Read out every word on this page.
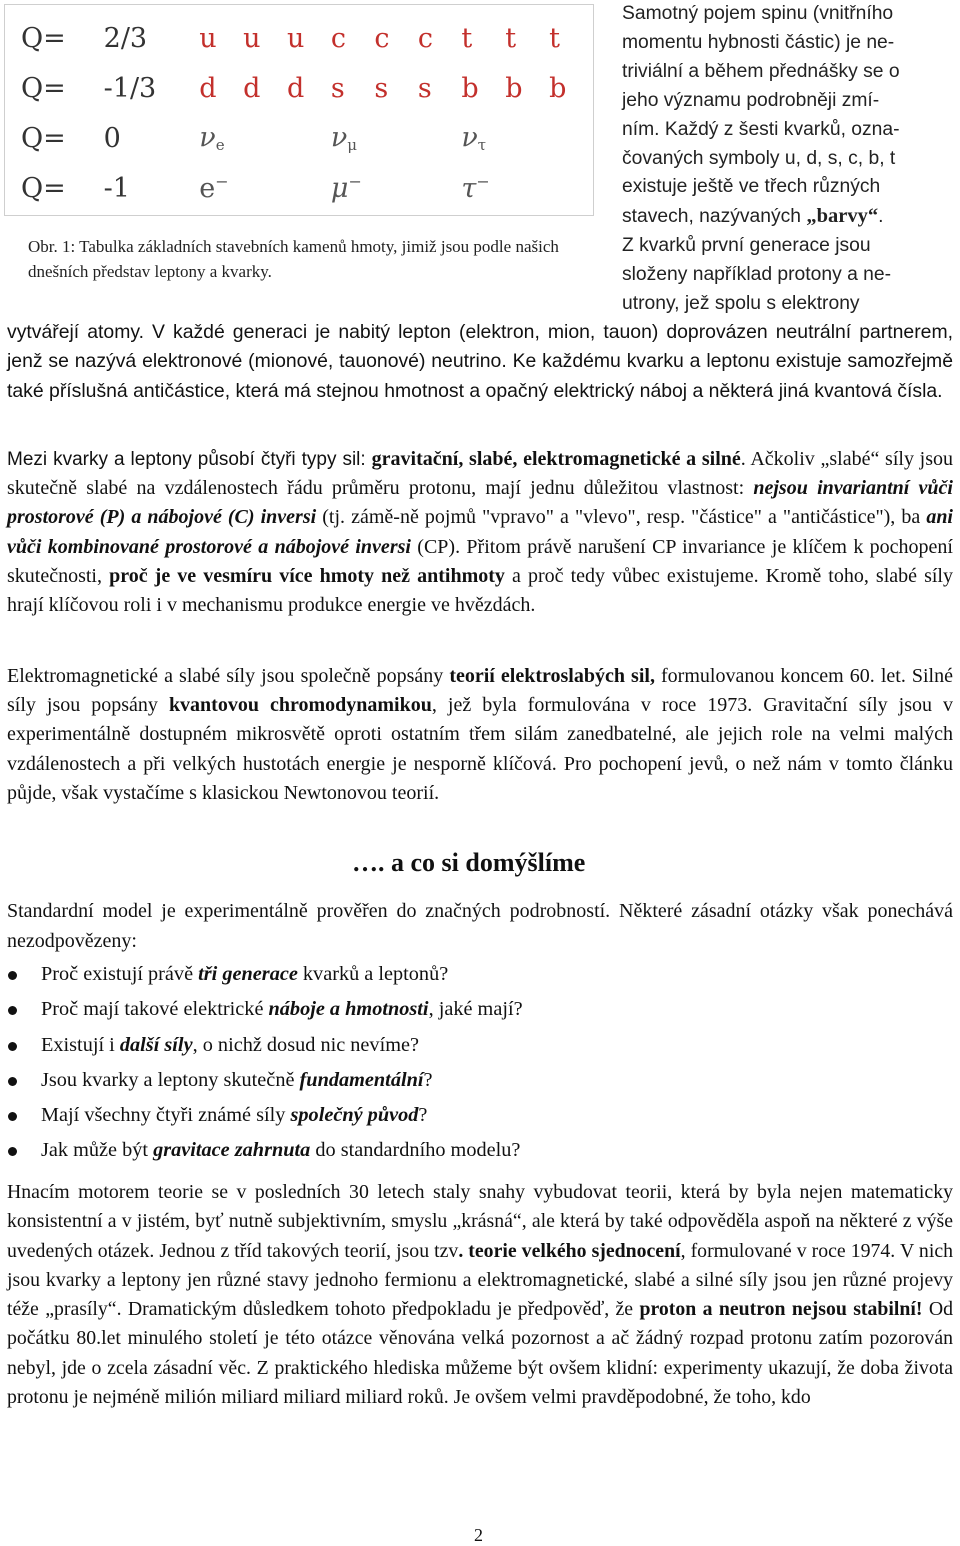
Q=	2/3	u	u	u	c	c	c	t	t	t
Q=	-1/3	d	d	d	s	s	s	b	b	b
Q=	0	$\nu_e$			$\nu_\mu$			$\nu_\tau$
Q=	-1	e−			μ−			τ−
Obr. 1: Tabulka základních stavebních kamenů hmoty, jimiž jsou podle našich dnešních představ leptony a kvarky.
Samotný pojem spinu (vnitřního
momentu hybnosti částic) je ne-
triviální a během přednášky se o
jeho významu podrobněji zmí-
ním. Každý z šesti kvarků, ozna-
čovaných symboly u, d, s, c, b, t
existuje ještě ve třech různých
stavech, nazývaných „barvy“.
Z kvarků první generace jsou
složeny například protony a ne-
utrony, jež spolu s elektrony
vytvářejí atomy. V každé generaci je nabitý lepton (elektron, mion, tauon) doprovázen neutrální partnerem, jenž se nazývá elektronové (mionové, tauonové) neutrino. Ke každému kvarku a leptonu existuje samozřejmě také příslušná antičástice, která má stejnou hmotnost a opačný elektrický náboj a některá jiná kvantová čísla.
Mezi kvarky a leptony působí čtyři typy sil: gravitační, slabé, elektromagnetické a silné. Ačkoliv „slabé“ síly jsou skutečně slabé na vzdálenostech řádu průměru protonu, mají jednu důležitou vlastnost: nejsou invariantní vůči prostorové (P) a nábojové (C) inversi (tj. zámě-ně pojmů "vpravo" a "vlevo", resp. "částice" a "antičástice"), ba ani vůči kombinované prostorové a nábojové inversi (CP). Přitom právě narušení CP invariance je klíčem k pochopení skutečnosti, proč je ve vesmíru více hmoty než antihmoty a proč tedy vůbec existujeme. Kromě toho, slabé síly hrají klíčovou roli i v mechanismu produkce energie ve hvězdách.
Elektromagnetické a slabé síly jsou společně popsány teorií elektroslabých sil, formulovanou koncem 60. let. Silné síly jsou popsány kvantovou chromodynamikou, jež byla formulována v roce 1973. Gravitační síly jsou v experimentálně dostupném mikrosvětě oproti ostatním třem silám zanedbatelné, ale jejich role na velmi malých vzdálenostech a při velkých hustotách energie je nesporně klíčová. Pro pochopení jevů, o než nám v tomto článku půjde, však vystačíme s klasickou Newtonovou teorií.
…. a co si domýšlíme
Standardní model je experimentálně prověřen do značných podrobností. Některé zásadní otázky však ponechává nezodpovězeny:
Proč existují právě tři generace kvarků a leptonů?
Proč mají takové elektrické náboje a hmotnosti, jaké mají?
Existují i další síly, o nichž dosud nic nevíme?
Jsou kvarky a leptony skutečně fundamentální?
Mají všechny čtyři známé síly společný původ?
Jak může být gravitace zahrnuta do standardního modelu?
Hnacím motorem teorie se v posledních 30 letech staly snahy vybudovat teorii, která by byla nejen matematicky konsistentní a v jistém, byť nutně subjektivním, smyslu „krásná“, ale která by také odpověděla aspoň na některé z výše uvedených otázek. Jednou z tříd takových teorií, jsou tzv. teorie velkého sjednocení, formulované v roce 1974. V nich jsou kvarky a leptony jen různé stavy jednoho fermionu a elektromagnetické, slabé a silné síly jsou jen různé projevy téže „prasíly“. Dramatickým důsledkem tohoto předpokladu je předpověď, že proton a neutron nejsou stabilní! Od počátku 80.let minulého století je této otázce věnována velká pozornost a ač žádný rozpad protonu zatím pozorován nebyl, jde o zcela zásadní věc. Z praktického hlediska můžeme být ovšem klidní: experimenty ukazují, že doba života protonu je nejméně milión miliard miliard miliard roků. Je ovšem velmi pravděpodobné, že toho, kdo
2
